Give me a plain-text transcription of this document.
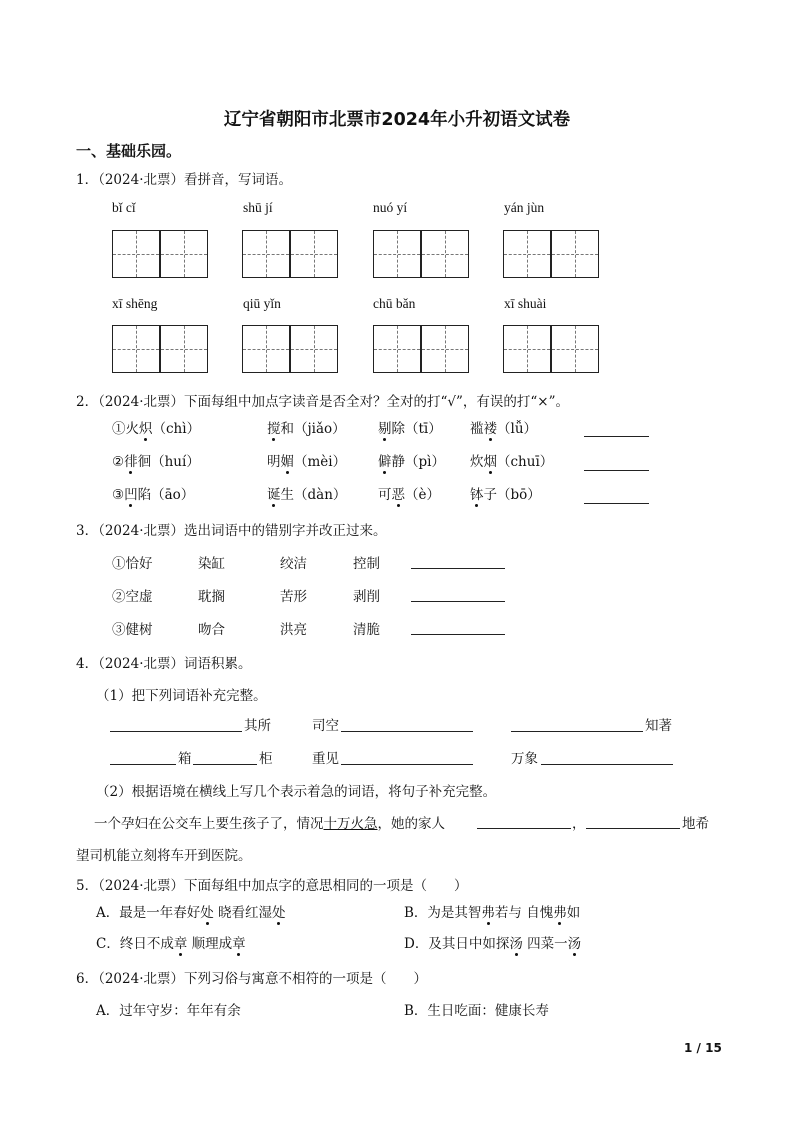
辽宁省朝阳市北票市2024年小升初语文试卷
一、基础乐园。
1．（2024·北票）看拼音，写词语。
bǐ cǐ	shū jí	nuó yí	yán jùn
xī shēng	qiū yǐn	chū bǎn	xī shuài
2．（2024·北票）下面每组中加点字读音是否全对？全对的打“√”，有误的打“×”。
①火炽（chì）	搅和（jiǎo） 剔除（tī） 褴褛（lǚ）
②徘徊（huí）	明媚（mèi） 僻静（pì） 炊烟（chuī）
③凹陷（āo）	诞生（dàn） 可恶（è） 钵子（bō）
3．（2024·北票）选出词语中的错别字并改正过来。
①恰好	染缸	绞洁	控制
②空虚	耽搁	苦形	剥削
③健树	吻合	洪亮	清脆
4．（2024·北票）词语积累。
（1）把下列词语补充完整。
其所	司空	知著
箱	柜	重见	万象
（2）根据语境在横线上写几个表示着急的词语，将句子补充完整。
一个孕妇在公交车上要生孩子了，情况十万火急，她的家人	，	地希
望司机能立刻将车开到医院。
5．（2024·北票）下面每组中加点字的意思相同的一项是（　　）
A．最是一年春好处 晓看红湿处	B．为是其智弗若与 自愧弗如
C．终日不成章 顺理成章	D．及其日中如探汤 四菜一汤
6．（2024·北票）下列习俗与寓意不相符的一项是（　　）
A．过年守岁：年年有余	B．生日吃面：健康长寿
1 / 15
